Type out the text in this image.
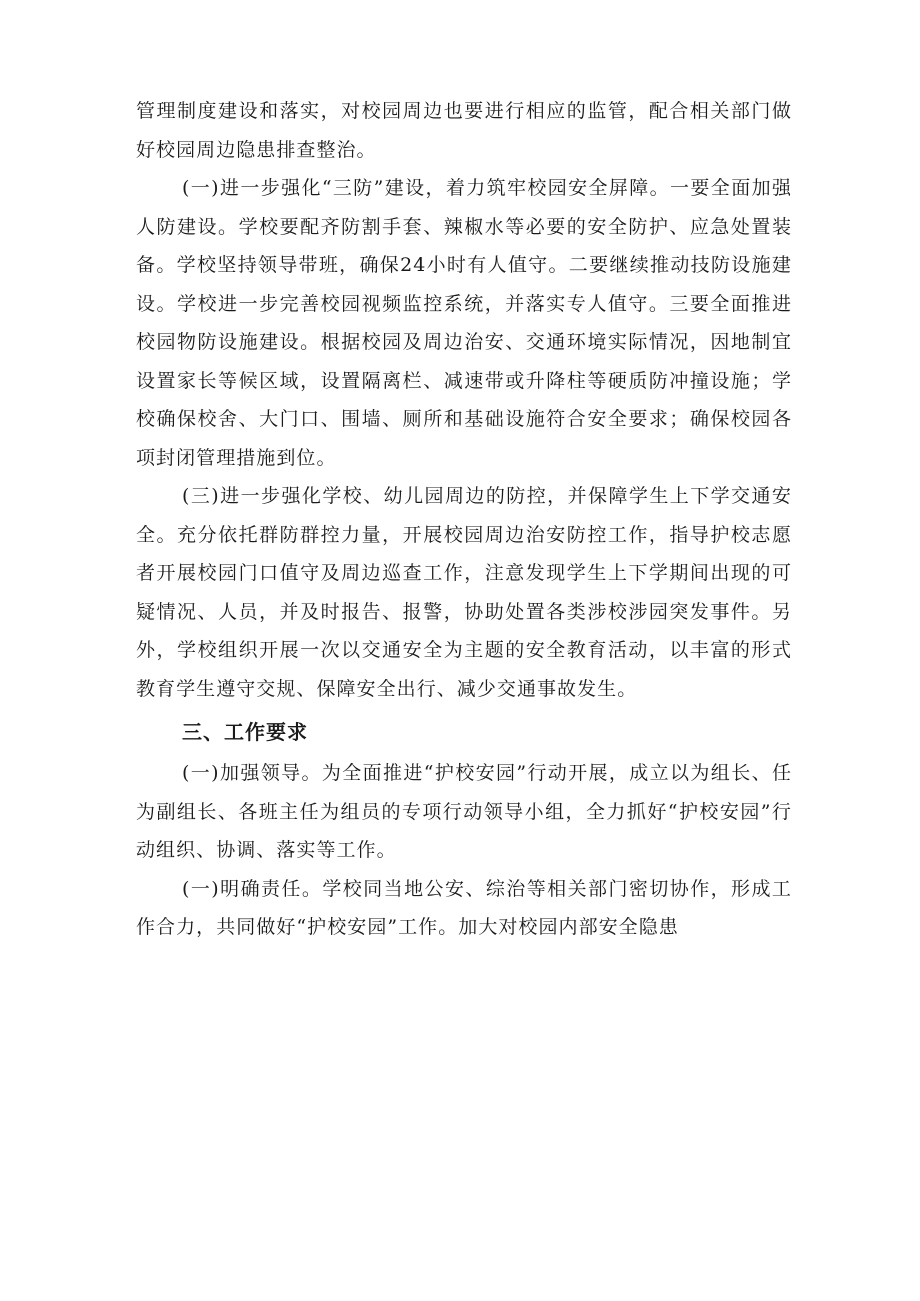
管理制度建设和落实，对校园周边也要进行相应的监管，配合相关部门做好校园周边隐患排查整治。

(一)进一步强化“三防”建设，着力筑牢校园安全屏障。一要全面加强人防建设。学校要配齐防割手套、辣椒水等必要的安全防护、应急处置装备。学校坚持领导带班，确保24小时有人值守。二要继续推动技防设施建设。学校进一步完善校园视频监控系统，并落实专人值守。三要全面推进校园物防设施建设。根据校园及周边治安、交通环境实际情况，因地制宜设置家长等候区域，设置隔离栏、减速带或升降柱等硬质防冲撞设施；学校确保校舍、大门口、围墙、厕所和基础设施符合安全要求；确保校园各项封闭管理措施到位。

(三)进一步强化学校、幼儿园周边的防控，并保障学生上下学交通安全。充分依托群防群控力量，开展校园周边治安防控工作，指导护校志愿者开展校园门口值守及周边巡查工作，注意发现学生上下学期间出现的可疑情况、人员，并及时报告、报警，协助处置各类涉校涉园突发事件。另外，学校组织开展一次以交通安全为主题的安全教育活动，以丰富的形式教育学生遵守交规、保障安全出行、减少交通事故发生。

三、工作要求

(一)加强领导。为全面推进“护校安园”行动开展，成立以为组长、任为副组长、各班主任为组员的专项行动领导小组，全力抓好“护校安园”行动组织、协调、落实等工作。

(一)明确责任。学校同当地公安、综治等相关部门密切协作，形成工作合力，共同做好“护校安园”工作。加大对校园内部安全隐患
